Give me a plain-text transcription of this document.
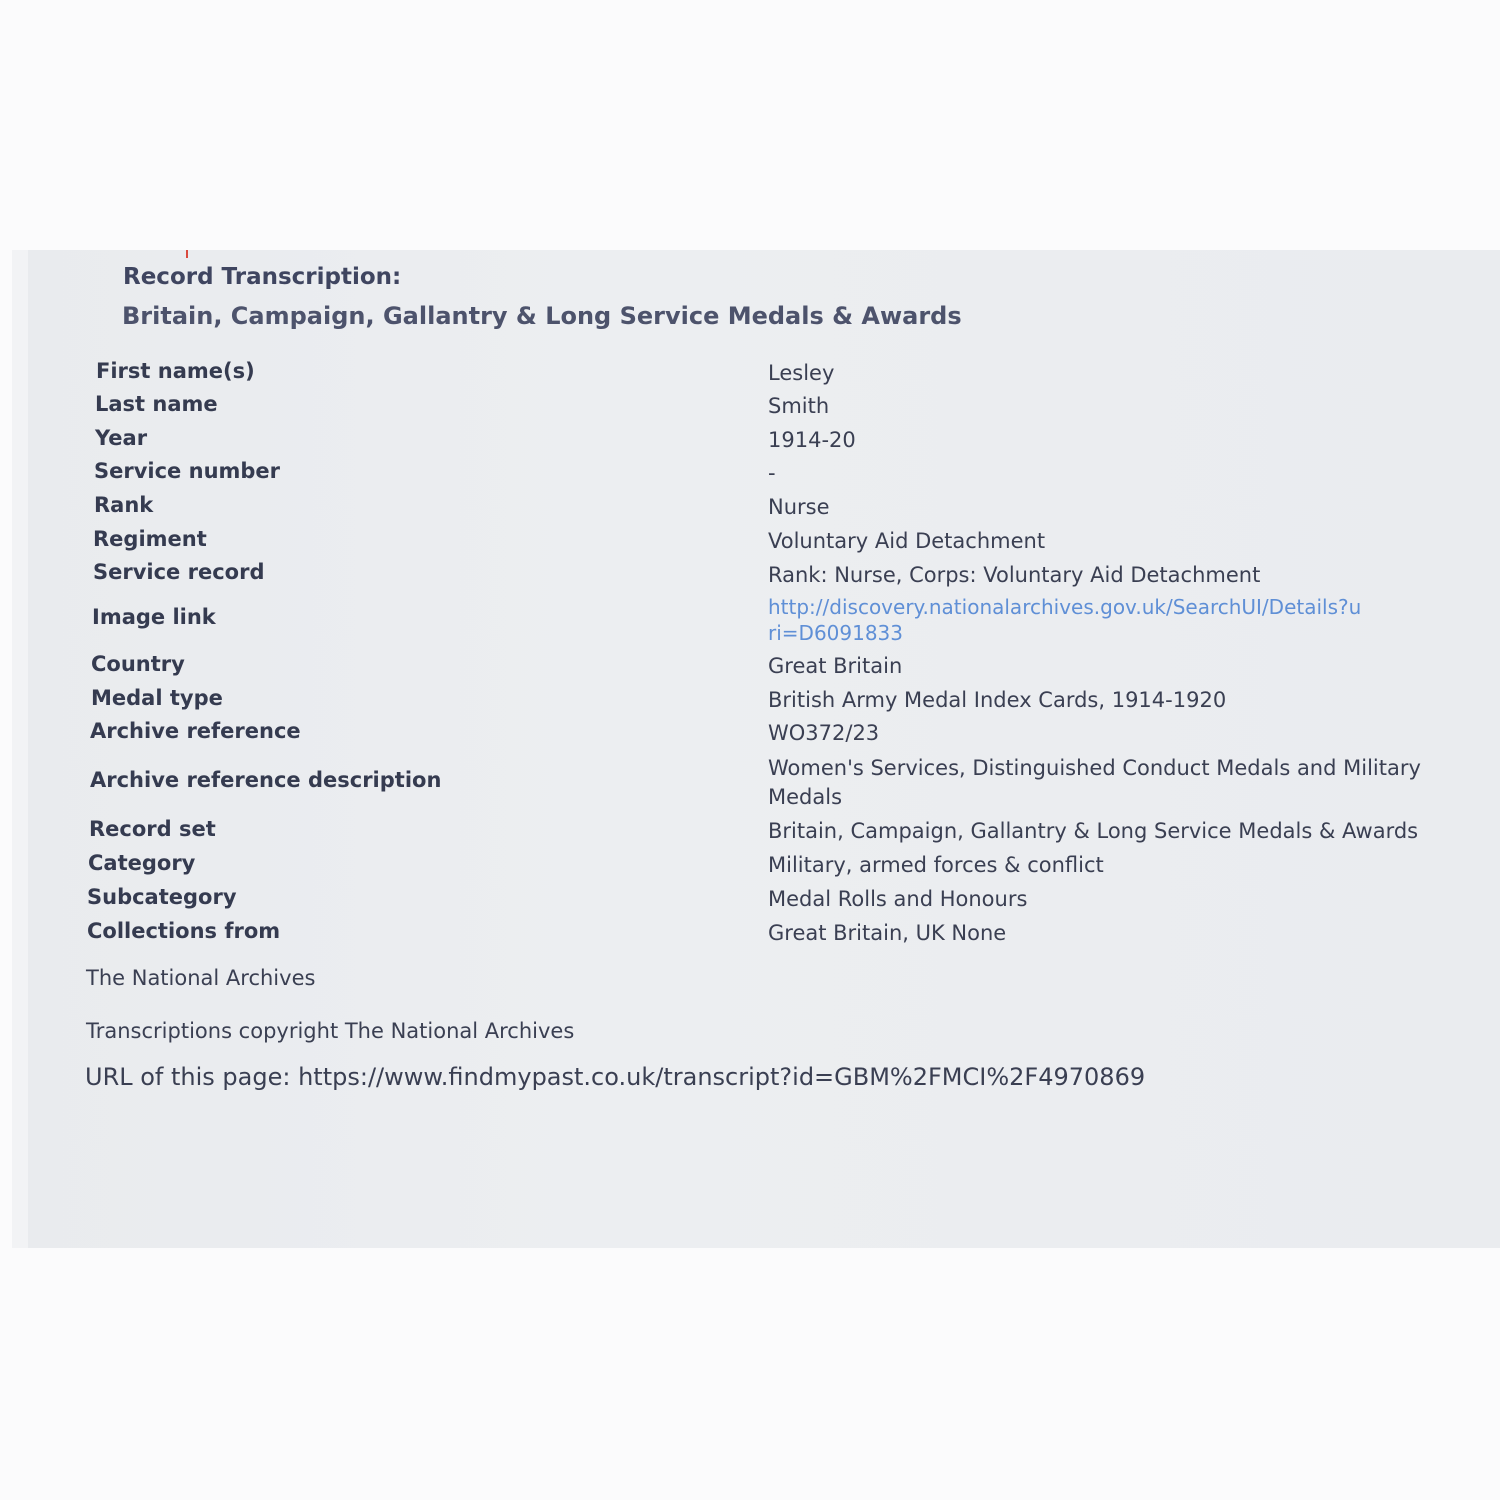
Record Transcription:
Britain, Campaign, Gallantry & Long Service Medals & Awards
First name(s)	Lesley
Last name	Smith
Year	1914-20
Service number	-
Rank	Nurse
Regiment	Voluntary Aid Detachment
Service record	Rank: Nurse, Corps: Voluntary Aid Detachment
Image link	http://discovery.nationalarchives.gov.uk/SearchUI/Details?uri=D6091833
Country	Great Britain
Medal type	British Army Medal Index Cards, 1914-1920
Archive reference	WO372/23
Archive reference description	Women's Services, Distinguished Conduct Medals and Military Medals
Record set	Britain, Campaign, Gallantry & Long Service Medals & Awards
Category	Military, armed forces & conflict
Subcategory	Medal Rolls and Honours
Collections from	Great Britain, UK None
The National Archives
Transcriptions copyright The National Archives
URL of this page: https://www.findmypast.co.uk/transcript?id=GBM%2FMCI%2F4970869
